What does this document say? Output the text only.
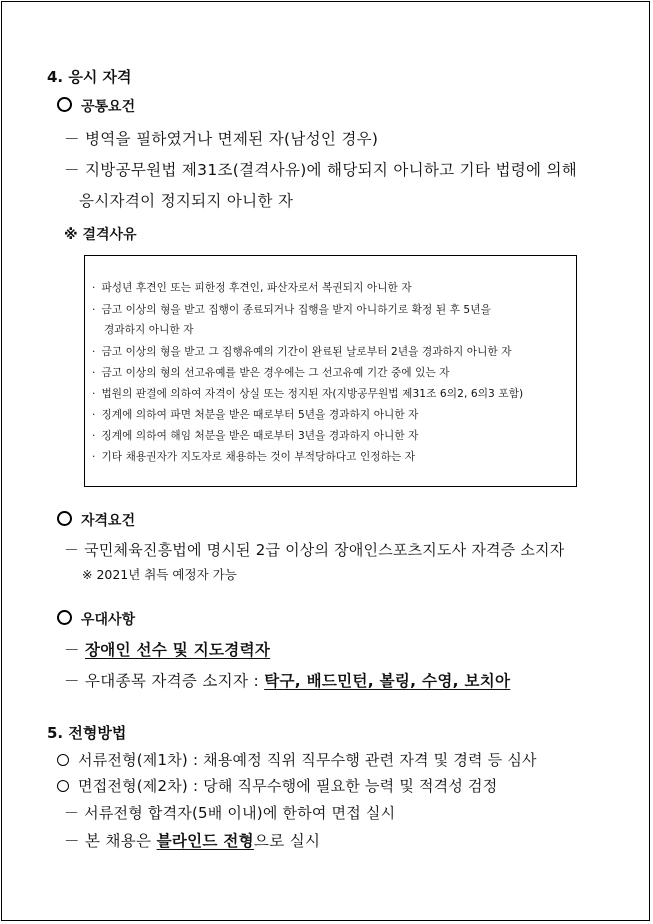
4. 응시 자격
공통요건
－ 병역을 필하였거나 면제된 자(남성인 경우)
－ 지방공무원법 제31조(결격사유)에 해당되지 아니하고 기타 법령에 의해
응시자격이 정지되지 아니한 자
※ 결격사유
· 파성년 후견인 또는 피한정 후견인, 파산자로서 복권되지 아니한 자
· 금고 이상의 형을 받고 집행이 종료되거나 집행을 받지 아니하기로 확정 된 후 5년을
경과하지 아니한 자
· 금고 이상의 형을 받고 그 집행유예의 기간이 완료된 날로부터 2년을 경과하지 아니한 자
· 금고 이상의 형의 선고유예를 받은 경우에는 그 선고유예 기간 중에 있는 자
· 법원의 판결에 의하여 자격이 상실 또는 정지된 자(지방공무원법 제31조 6의2, 6의3 포함)
· 징계에 의하여 파면 처분을 받은 때로부터 5년을 경과하지 아니한 자
· 징계에 의하여 해임 처분을 받은 때로부터 3년을 경과하지 아니한 자
· 기타 채용권자가 지도자로 채용하는 것이 부적당하다고 인정하는 자
자격요건
－ 국민체육진흥법에 명시된 2급 이상의 장애인스포츠지도사 자격증 소지자
※ 2021년 취득 예정자 가능
우대사항
－ 장애인 선수 및 지도경력자
－ 우대종목 자격증 소지자 : 탁구, 배드민턴, 볼링, 수영, 보치아
5. 전형방법
서류전형(제1차) : 채용예정 직위 직무수행 관련 자격 및 경력 등 심사
면접전형(제2차) : 당해 직무수행에 필요한 능력 및 적격성 검정
－ 서류전형 합격자(5배 이내)에 한하여 면접 실시
－ 본 채용은 블라인드 전형으로 실시
